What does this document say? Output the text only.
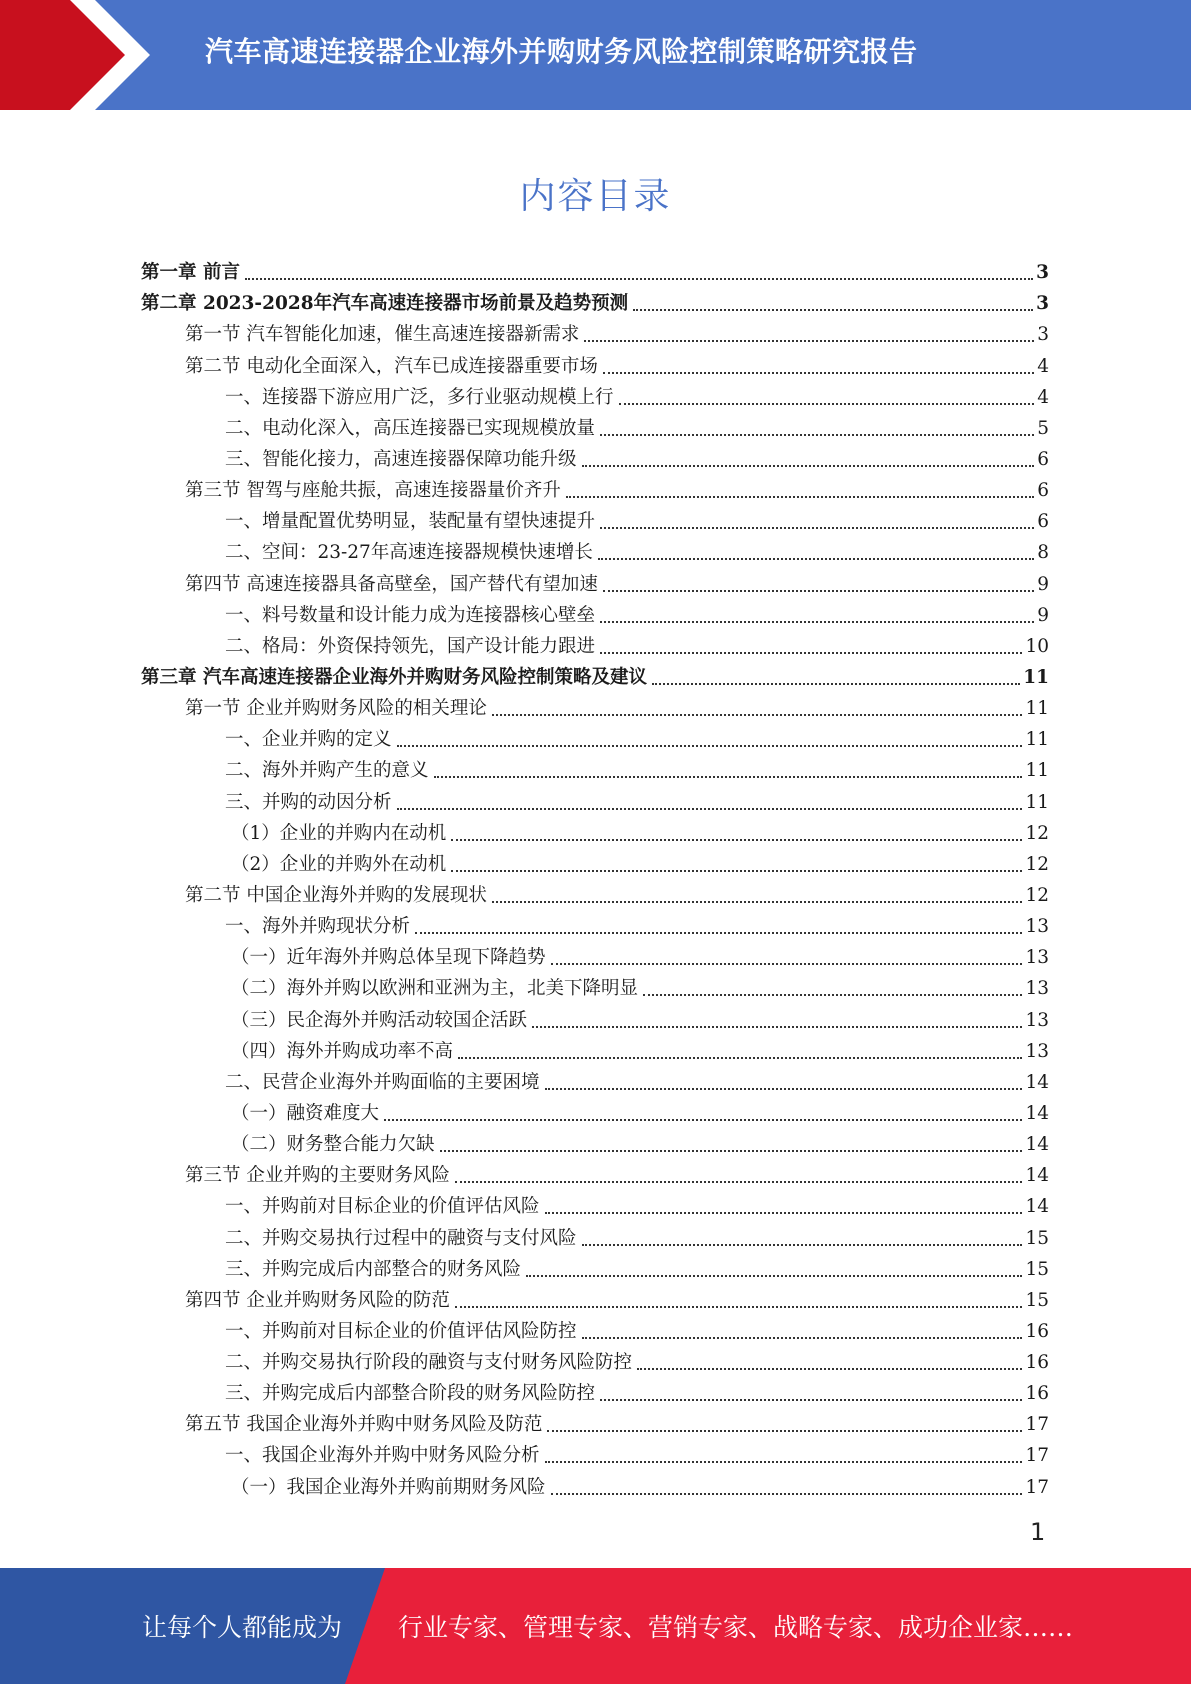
汽车高速连接器企业海外并购财务风险控制策略研究报告
内容目录
第一章 前言	3
第二章 2023-2028年汽车高速连接器市场前景及趋势预测	3
第一节 汽车智能化加速，催生高速连接器新需求	3
第二节 电动化全面深入，汽车已成连接器重要市场	4
一、连接器下游应用广泛，多行业驱动规模上行	4
二、电动化深入，高压连接器已实现规模放量	5
三、智能化接力，高速连接器保障功能升级	6
第三节 智驾与座舱共振，高速连接器量价齐升	6
一、增量配置优势明显，装配量有望快速提升	6
二、空间：23-27年高速连接器规模快速增长	8
第四节 高速连接器具备高壁垒，国产替代有望加速	9
一、料号数量和设计能力成为连接器核心壁垒	9
二、格局：外资保持领先，国产设计能力跟进	10
第三章 汽车高速连接器企业海外并购财务风险控制策略及建议	11
第一节 企业并购财务风险的相关理论	11
一、企业并购的定义	11
二、海外并购产生的意义	11
三、并购的动因分析	11
（1）企业的并购内在动机	12
（2）企业的并购外在动机	12
第二节 中国企业海外并购的发展现状	12
一、海外并购现状分析	13
（一）近年海外并购总体呈现下降趋势	13
（二）海外并购以欧洲和亚洲为主，北美下降明显	13
（三）民企海外并购活动较国企活跃	13
（四）海外并购成功率不高	13
二、民营企业海外并购面临的主要困境	14
（一）融资难度大	14
（二）财务整合能力欠缺	14
第三节 企业并购的主要财务风险	14
一、并购前对目标企业的价值评估风险	14
二、并购交易执行过程中的融资与支付风险	15
三、并购完成后内部整合的财务风险	15
第四节 企业并购财务风险的防范	15
一、并购前对目标企业的价值评估风险防控	16
二、并购交易执行阶段的融资与支付财务风险防控	16
三、并购完成后内部整合阶段的财务风险防控	16
第五节 我国企业海外并购中财务风险及防范	17
一、我国企业海外并购中财务风险分析	17
（一）我国企业海外并购前期财务风险	17
1
让每个人都能成为 行业专家、管理专家、营销专家、战略专家、成功企业家……
